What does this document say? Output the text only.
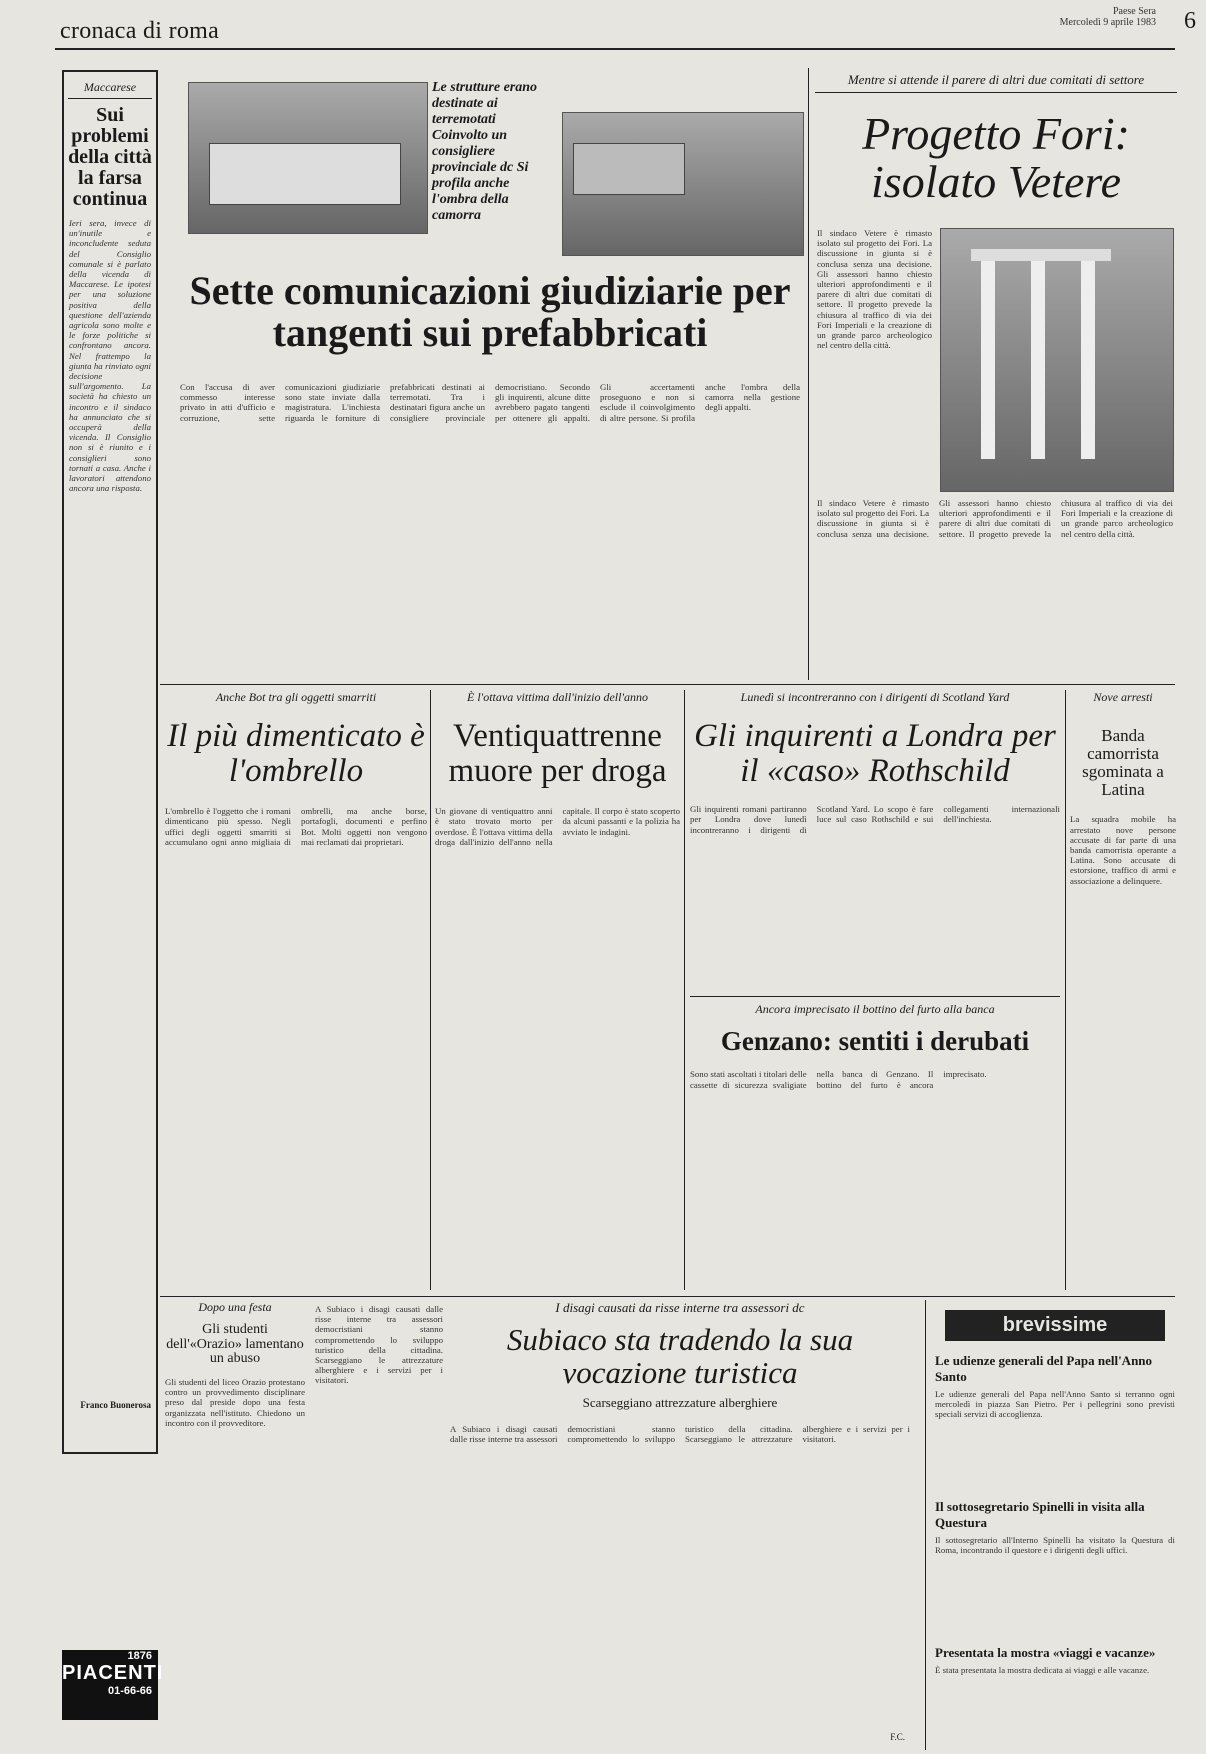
cronaca di roma
Paese Sera
Mercoledì 9 aprile 1983 6
Maccarese
Sui problemi della città la farsa continua
Ieri sera, invece di un'inutile e inconcludente seduta del Consiglio comunale si è parlato della vicenda di Maccarese. Le ipotesi per una soluzione positiva della questione dell'azienda agricola sono molte e le forze politiche si confrontano ancora. Nel frattempo la giunta ha rinviato ogni decisione sull'argomento. La società ha chiesto un incontro e il sindaco ha annunciato che si occuperà della vicenda. Il Consiglio non si è riunito e i consiglieri sono tornati a casa. Anche i lavoratori attendono ancora una risposta.
Franco Buonerosa
Le strutture erano destinate ai terremotati Coinvolto un consigliere provinciale dc Si profila anche l'ombra della camorra
Sette comunicazioni giudiziarie per tangenti sui prefabbricati
Con l'accusa di aver commesso interesse privato in atti d'ufficio e corruzione, sette comunicazioni giudiziarie sono state inviate dalla magistratura. L'inchiesta riguarda le forniture di prefabbricati destinati ai terremotati. Tra i destinatari figura anche un consigliere provinciale democristiano. Secondo gli inquirenti, alcune ditte avrebbero pagato tangenti per ottenere gli appalti. Gli accertamenti proseguono e non si esclude il coinvolgimento di altre persone. Si profila anche l'ombra della camorra nella gestione degli appalti.
Mentre si attende il parere di altri due comitati di settore
Progetto Fori: isolato Vetere
Il sindaco Vetere è rimasto isolato sul progetto dei Fori. La discussione in giunta si è conclusa senza una decisione. Gli assessori hanno chiesto ulteriori approfondimenti e il parere di altri due comitati di settore. Il progetto prevede la chiusura al traffico di via dei Fori Imperiali e la creazione di un grande parco archeologico nel centro della città.
Il sindaco Vetere è rimasto isolato sul progetto dei Fori. La discussione in giunta si è conclusa senza una decisione. Gli assessori hanno chiesto ulteriori approfondimenti e il parere di altri due comitati di settore. Il progetto prevede la chiusura al traffico di via dei Fori Imperiali e la creazione di un grande parco archeologico nel centro della città.
Anche Bot tra gli oggetti smarriti
Il più dimenticato è l'ombrello
L'ombrello è l'oggetto che i romani dimenticano più spesso. Negli uffici degli oggetti smarriti si accumulano ogni anno migliaia di ombrelli, ma anche borse, portafogli, documenti e perfino Bot. Molti oggetti non vengono mai reclamati dai proprietari.
È l'ottava vittima dall'inizio dell'anno
Ventiquattrenne muore per droga
Un giovane di ventiquattro anni è stato trovato morto per overdose. È l'ottava vittima della droga dall'inizio dell'anno nella capitale. Il corpo è stato scoperto da alcuni passanti e la polizia ha avviato le indagini.
Lunedì si incontreranno con i dirigenti di Scotland Yard
Gli inquirenti a Londra per il «caso» Rothschild
Gli inquirenti romani partiranno per Londra dove lunedì incontreranno i dirigenti di Scotland Yard. Lo scopo è fare luce sul caso Rothschild e sui collegamenti internazionali dell'inchiesta.
Nove arresti
Banda camorrista sgominata a Latina
La squadra mobile ha arrestato nove persone accusate di far parte di una banda camorrista operante a Latina. Sono accusate di estorsione, traffico di armi e associazione a delinquere.
Ancora imprecisato il bottino del furto alla banca
Genzano: sentiti i derubati
Sono stati ascoltati i titolari delle cassette di sicurezza svaligiate nella banca di Genzano. Il bottino del furto è ancora imprecisato.
Dopo una festa
Gli studenti dell'«Orazio» lamentano un abuso
Gli studenti del liceo Orazio protestano contro un provvedimento disciplinare preso dal preside dopo una festa organizzata nell'istituto. Chiedono un incontro con il provveditore.
A Subiaco i disagi causati dalle risse interne tra assessori democristiani stanno compromettendo lo sviluppo turistico della cittadina. Scarseggiano le attrezzature alberghiere e i servizi per i visitatori.
I disagi causati da risse interne tra assessori dc
Subiaco sta tradendo la sua vocazione turistica
Scarseggiano attrezzature alberghiere
A Subiaco i disagi causati dalle risse interne tra assessori democristiani stanno compromettendo lo sviluppo turistico della cittadina. Scarseggiano le attrezzature alberghiere e i servizi per i visitatori.
F.C.
brevissime
Le udienze generali del Papa nell'Anno Santo
Le udienze generali del Papa nell'Anno Santo si terranno ogni mercoledì in piazza San Pietro. Per i pellegrini sono previsti speciali servizi di accoglienza.
Il sottosegretario Spinelli in visita alla Questura
Il sottosegretario all'Interno Spinelli ha visitato la Questura di Roma, incontrando il questore e i dirigenti degli uffici.
Presentata la mostra «viaggi e vacanze»
È stata presentata la mostra dedicata ai viaggi e alle vacanze.
1876
PIACENTI
01-66-66
